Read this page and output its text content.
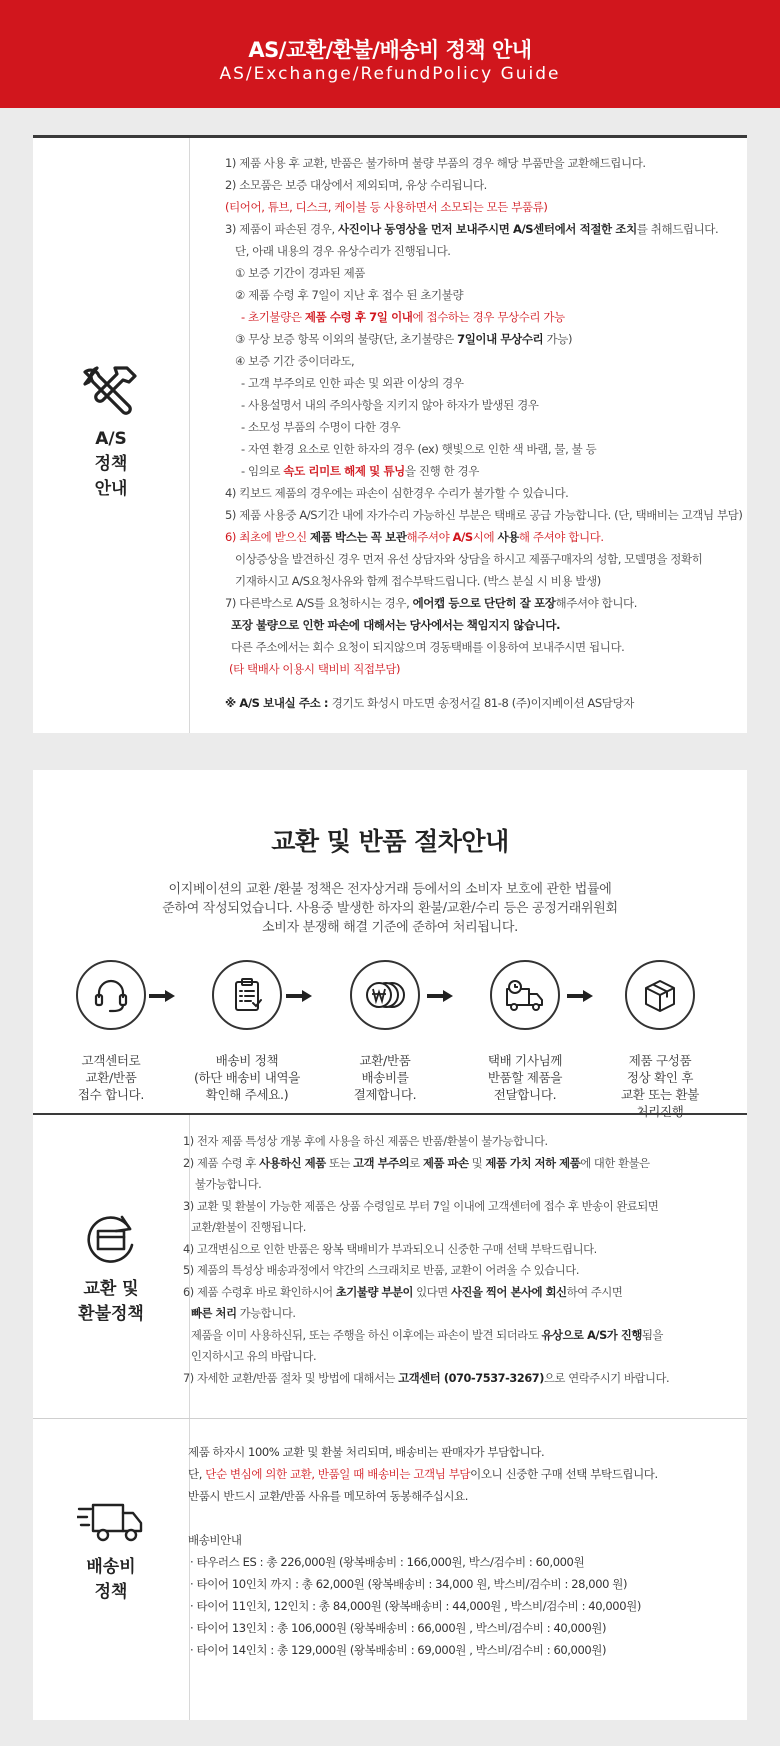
AS/교환/환불/배송비 정책 안내
AS/Exchange/RefundPolicy Guide
A/S
정책
안내
1) 제품 사용 후 교환, 반품은 불가하며 불량 부품의 경우 해당 부품만을 교환해드립니다.
2) 소모품은 보증 대상에서 제외되며, 유상 수리됩니다.
(티어어, 튜브, 디스크, 케이블 등 사용하면서 소모되는 모든 부품류)
3) 제품이 파손된 경우, 사진이나 동영상을 먼저 보내주시면 A/S센터에서 적절한 조치를 취해드립니다.
단, 아래 내용의 경우 유상수리가 진행됩니다.
① 보증 기간이 경과된 제품
② 제품 수령 후 7일이 지난 후 접수 된 초기불량
- 초기불량은 제품 수령 후 7일 이내에 접수하는 경우 무상수리 가능
③ 무상 보증 항목 이외의 불량(단, 초기불량은 7일이내 무상수리 가능)
④ 보증 기간 중이더라도,
- 고객 부주의로 인한 파손 및 외관 이상의 경우
- 사용설명서 내의 주의사항을 지키지 않아 하자가 발생된 경우
- 소모성 부품의 수명이 다한 경우
- 자연 환경 요소로 인한 하자의 경우 (ex) 햇빛으로 인한 색 바램, 물, 불 등
- 임의로 속도 리미트 해제 및 튜닝을 진행 한 경우
4) 킥보드 제품의 경우에는 파손이 심한경우 수리가 불가할 수 있습니다.
5) 제품 사용중 A/S기간 내에 자가수리 가능하신 부분은 택배로 공급 가능합니다. (단, 택배비는 고객님 부담)
6) 최초에 받으신 제품 박스는 꼭 보관해주셔야 A/S시에 사용해 주셔야 합니다.
이상증상을 발견하신 경우 먼저 유선 상담자와 상담을 하시고 제품구매자의 성함, 모델명을 정확히
기재하시고 A/S요청사유와 함께 접수부탁드립니다. (박스 분실 시 비용 발생)
7) 다른박스로 A/S를 요청하시는 경우, 에어캡 등으로 단단히 잘 포장해주셔야 합니다.
포장 불량으로 인한 파손에 대해서는 당사에서는 책임지지 않습니다.
다른 주소에서는 회수 요청이 되지않으며 경동택배를 이용하여 보내주시면 됩니다.
(타 택배사 이용시 택비비 직접부담)
※ A/S 보내실 주소 : 경기도 화성시 마도면 송정서길 81-8 (주)이지베이션 AS담당자
교환 및 반품 절차안내
이지베이션의 교환 /환불 정책은 전자상거래 등에서의 소비자 보호에 관한 법률에
준하여 작성되었습니다. 사용중 발생한 하자의 환불/교환/수리 등은 공정거래위원회
소비자 분쟁해 해결 기준에 준하여 처리됩니다.
고객센터로
교환/반품
접수 합니다.
배송비 정책
(하단 배송비 내역을
확인해 주세요.)
교환/반품
배송비를
결제합니다.
택배 기사님께
반품할 제품을
전달합니다.
제품 구성품
정상 확인 후
교환 또는 환불
처리진행
교환 및
환불정책
1) 전자 제품 특성상 개봉 후에 사용을 하신 제품은 반품/환불이 불가능합니다.
2) 제품 수령 후 사용하신 제품 또는 고객 부주의로 제품 파손 및 제품 가치 저하 제품에 대한 환불은
불가능합니다.
3) 교환 및 환불이 가능한 제품은 상품 수령일로 부터 7일 이내에 고객센터에 접수 후 반송이 완료되면
교환/환불이 진행됩니다.
4) 고객변심으로 인한 반품은 왕복 택배비가 부과되오니 신중한 구매 선택 부탁드립니다.
5) 제품의 특성상 배송과정에서 약간의 스크래치로 반품, 교환이 어려울 수 있습니다.
6) 제품 수령후 바로 확인하시어 초기불량 부분이 있다면 사진을 찍어 본사에 회신하여 주시면
빠른 처리 가능합니다.
제품을 이미 사용하신뒤, 또는 주행을 하신 이후에는 파손이 발견 되더라도 유상으로 A/S가 진행됨을
인지하시고 유의 바랍니다.
7) 자세한 교환/반품 절차 및 방법에 대해서는 고객센터 (070-7537-3267)으로 연락주시기 바랍니다.
배송비
정책
제품 하자시 100% 교환 및 환불 처리되며, 배송비는 판매자가 부담합니다.
단, 단순 변심에 의한 교환, 반품일 때 배송비는 고객님 부담이오니 신중한 구매 선택 부탁드립니다.
반품시 반드시 교환/반품 사유를 메모하여 동봉해주십시요.
배송비안내
· 타우러스 ES : 총 226,000원 (왕복배송비 : 166,000원, 박스/검수비 : 60,000원
· 타이어 10인치 까지 : 총 62,000원 (왕복배송비 : 34,000 원, 박스비/검수비 : 28,000 원)
· 타이어 11인치, 12인치 : 총 84,000원 (왕복배송비 : 44,000원 , 박스비/검수비 : 40,000원)
· 타이어 13인치 : 총 106,000원 (왕복배송비 : 66,000원 , 박스비/검수비 : 40,000원)
· 타이어 14인치 : 총 129,000원 (왕복배송비 : 69,000원 , 박스비/검수비 : 60,000원)
